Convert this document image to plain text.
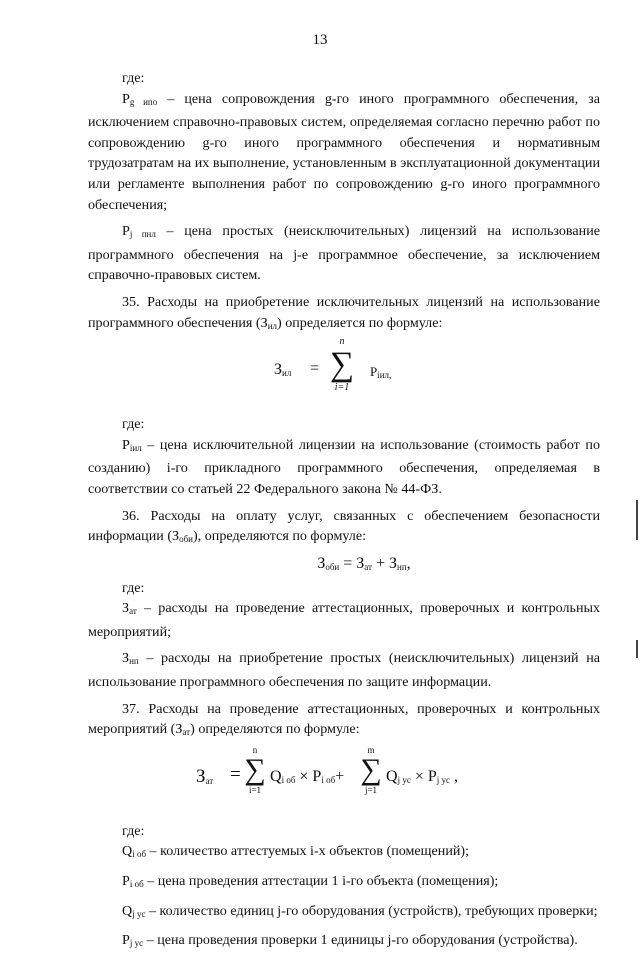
13

где:

$P_{g ипо}$ – цена сопровождения g-го иного программного обеспечения, за исключением справочно-правовых систем, определяемая согласно перечню работ по сопровождению g-го иного программного обеспечения и нормативным трудозатратам на их выполнение, установленным в эксплуатационной документации или регламенте выполнения работ по сопровождению g-го иного программного обеспечения;

$P_{j пнл}$ – цена простых (неисключительных) лицензий на использование программного обеспечения на j-е программное обеспечение, за исключением справочно-правовых систем.

35. Расходы на приобретение исключительных лицензий на использование программного обеспечения $(З_{ил})$ определяется по формуле:

$З_{ил}$ =
n
∑
i=1
$P_{iил,}$

где:

$P_{iил}$ – цена исключительной лицензии на использование (стоимость работ по созданию) i-го прикладного программного обеспечения, определяемая в соответствии со статьей 22 Федерального закона № 44-ФЗ.

36. Расходы на оплату услуг, связанных с обеспечением безопасности информации $(З_{оби})$, определяются по формуле:

$З_{оби} = З_{ат} + З_{нп}$,

где:

$З_{ат}$ – расходы на проведение аттестационных, проверочных и контрольных мероприятий;

$З_{нп}$ – расходы на приобретение простых (неисключительных) лицензий на использование программного обеспечения по защите информации.

37. Расходы на проведение аттестационных, проверочных и контрольных мероприятий $(З_{ат})$ определяются по формуле:

$З_{ат}$ =
n
∑
i=1
$Q_{i об} \times P_{i об}+$
m
∑
j=1
$Q_{j ус} \times P_{j ус}$ ,

где:

$Q_{i об}$ – количество аттестуемых i-х объектов (помещений);

$P_{i об}$ – цена проведения аттестации 1 i-го объекта (помещения);

$Q_{j ус}$ – количество единиц j-го оборудования (устройств), требующих проверки;

$P_{j ус}$ – цена проведения проверки 1 единицы j-го оборудования (устройства).
